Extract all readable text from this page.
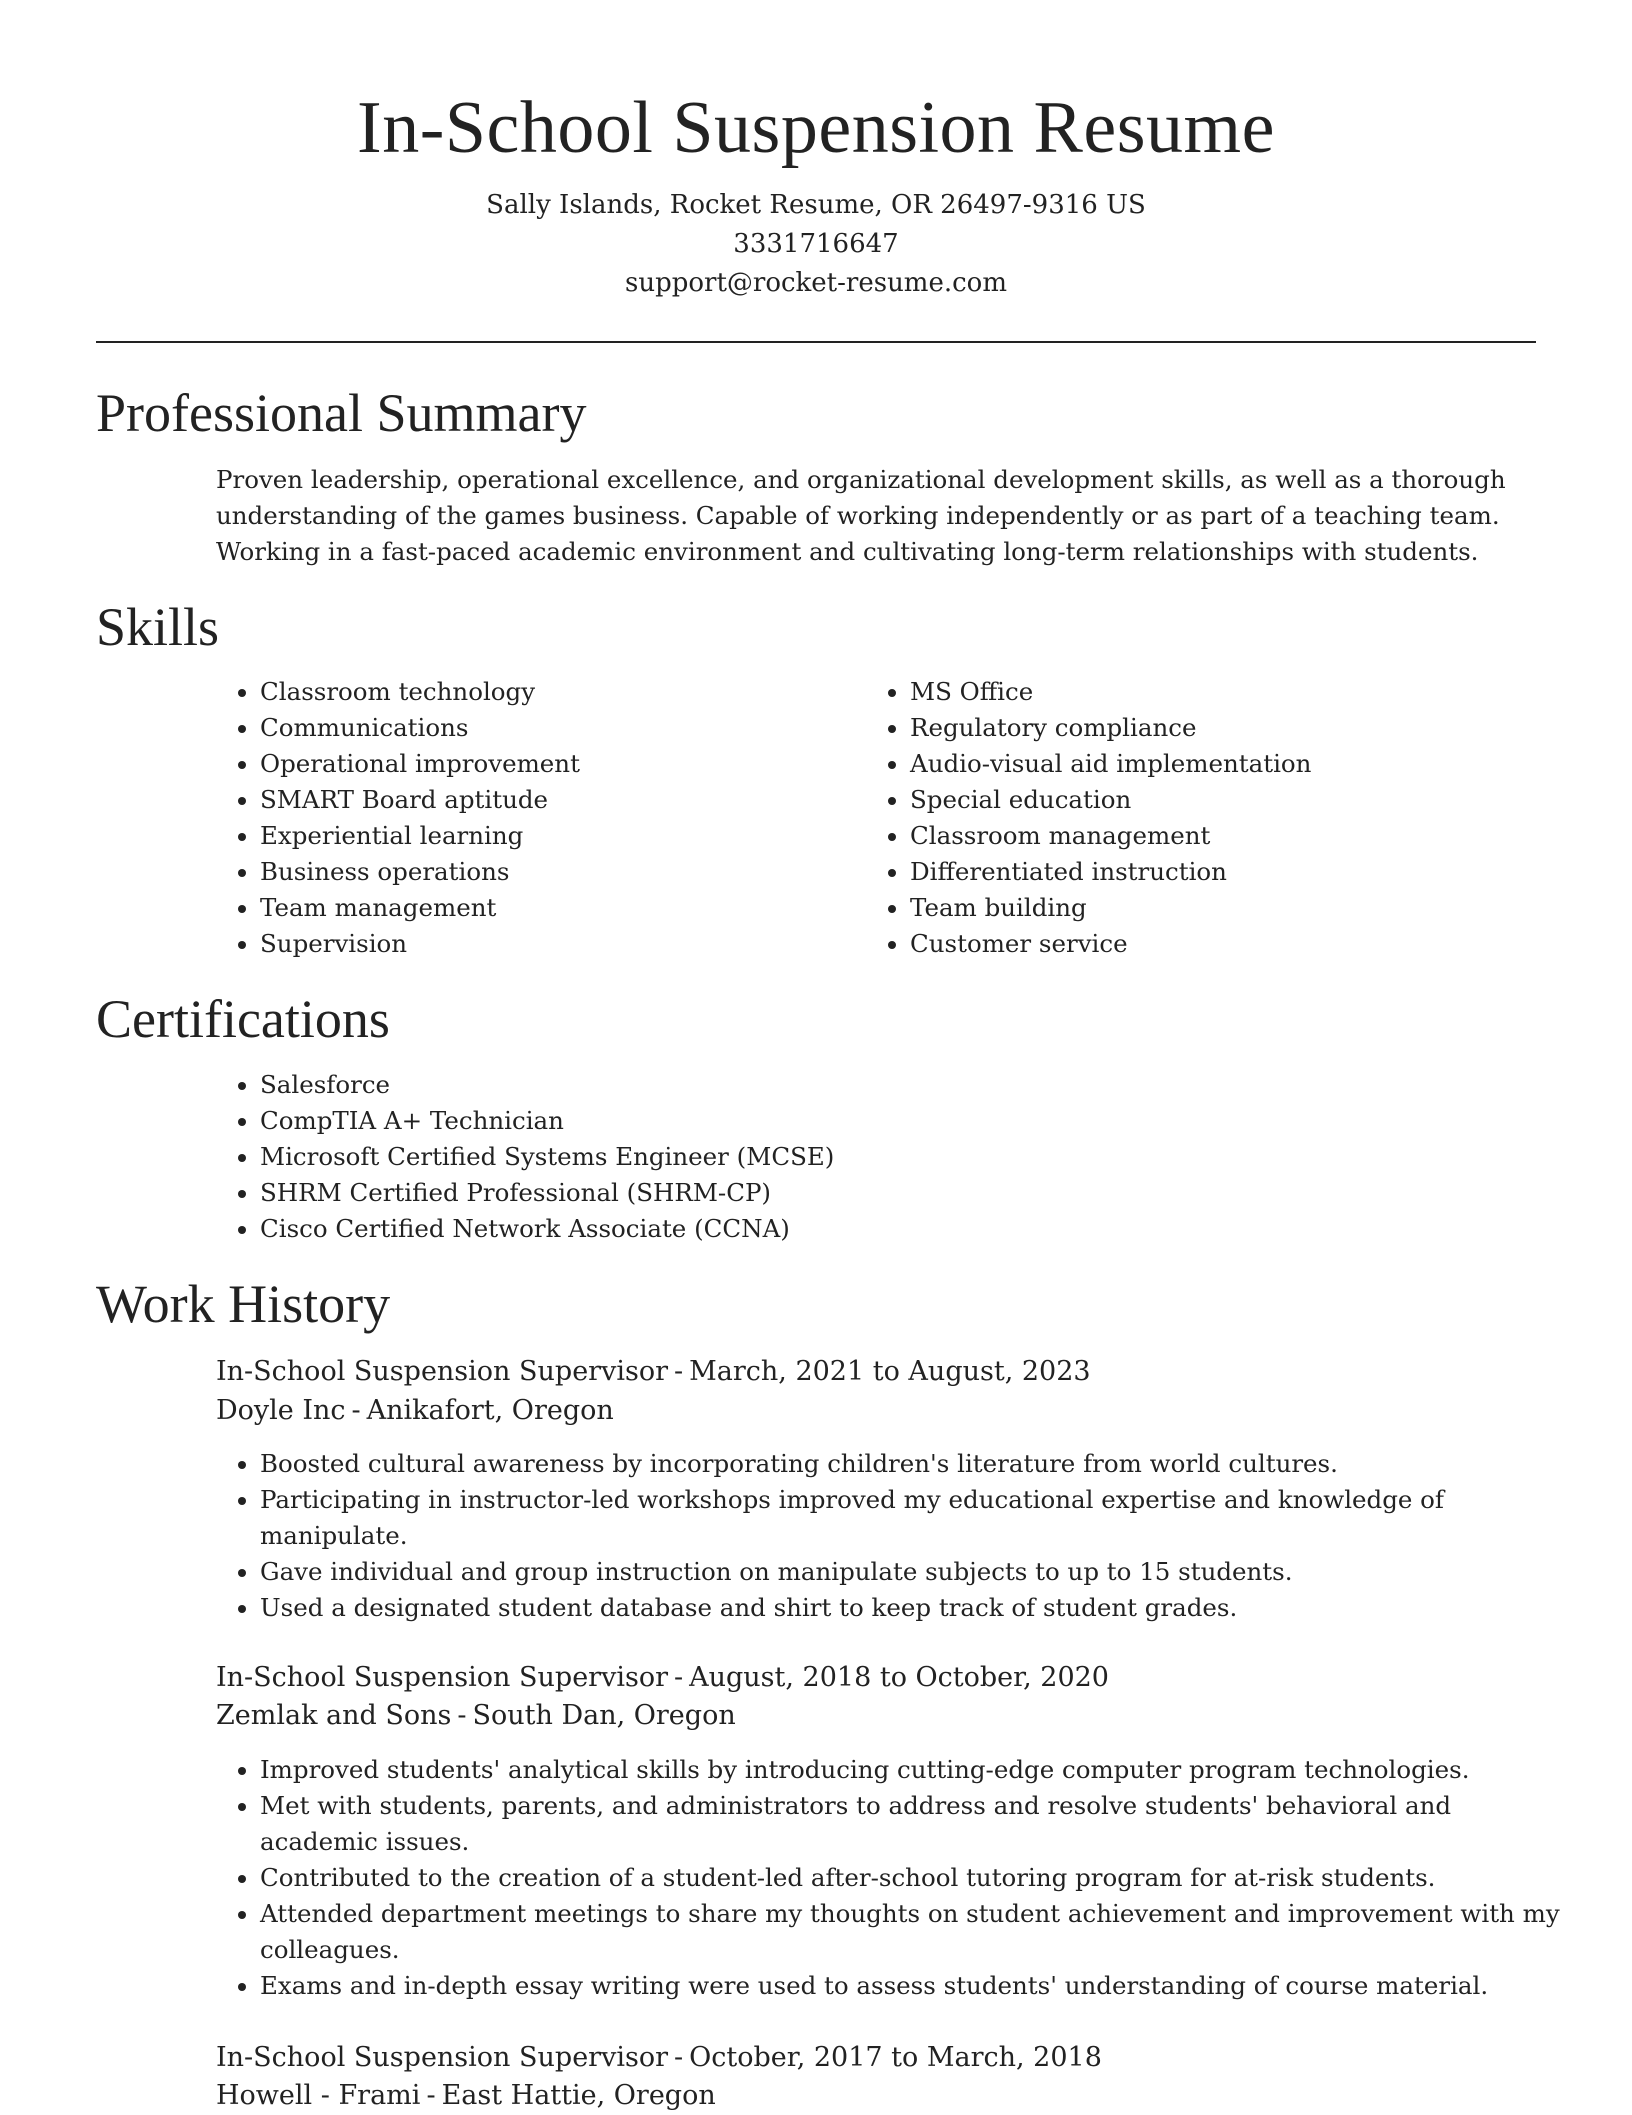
In-School Suspension Resume
Sally Islands, Rocket Resume, OR 26497-9316 US
3331716647
support@rocket-resume.com
Professional Summary

Proven leadership, operational excellence, and organizational development skills, as well as a thorough understanding of the games business. Capable of working independently or as part of a teaching team. Working in a fast-paced academic environment and cultivating long-term relationships with students.

Skills
• Classroom technology
• Communications
• Operational improvement
• SMART Board aptitude
• Experiential learning
• Business operations
• Team management
• Supervision
• MS Office
• Regulatory compliance
• Audio-visual aid implementation
• Special education
• Classroom management
• Differentiated instruction
• Team building
• Customer service
Certifications
• Salesforce
• CompTIA A+ Technician
• Microsoft Certified Systems Engineer (MCSE)
• SHRM Certified Professional (SHRM-CP)
• Cisco Certified Network Associate (CCNA)
Work History
In-School Suspension Supervisor - March, 2021 to August, 2023
Doyle Inc - Anikafort, Oregon
• Boosted cultural awareness by incorporating children's literature from world cultures.
• Participating in instructor-led workshops improved my educational expertise and knowledge of manipulate.
• Gave individual and group instruction on manipulate subjects to up to 15 students.
• Used a designated student database and shirt to keep track of student grades.
In-School Suspension Supervisor - August, 2018 to October, 2020
Zemlak and Sons - South Dan, Oregon
• Improved students' analytical skills by introducing cutting-edge computer program technologies.
• Met with students, parents, and administrators to address and resolve students' behavioral and academic issues.
• Contributed to the creation of a student-led after-school tutoring program for at-risk students.
• Attended department meetings to share my thoughts on student achievement and improvement with my colleagues.
• Exams and in-depth essay writing were used to assess students' understanding of course material.
In-School Suspension Supervisor - October, 2017 to March, 2018
Howell - Frami - East Hattie, Oregon
